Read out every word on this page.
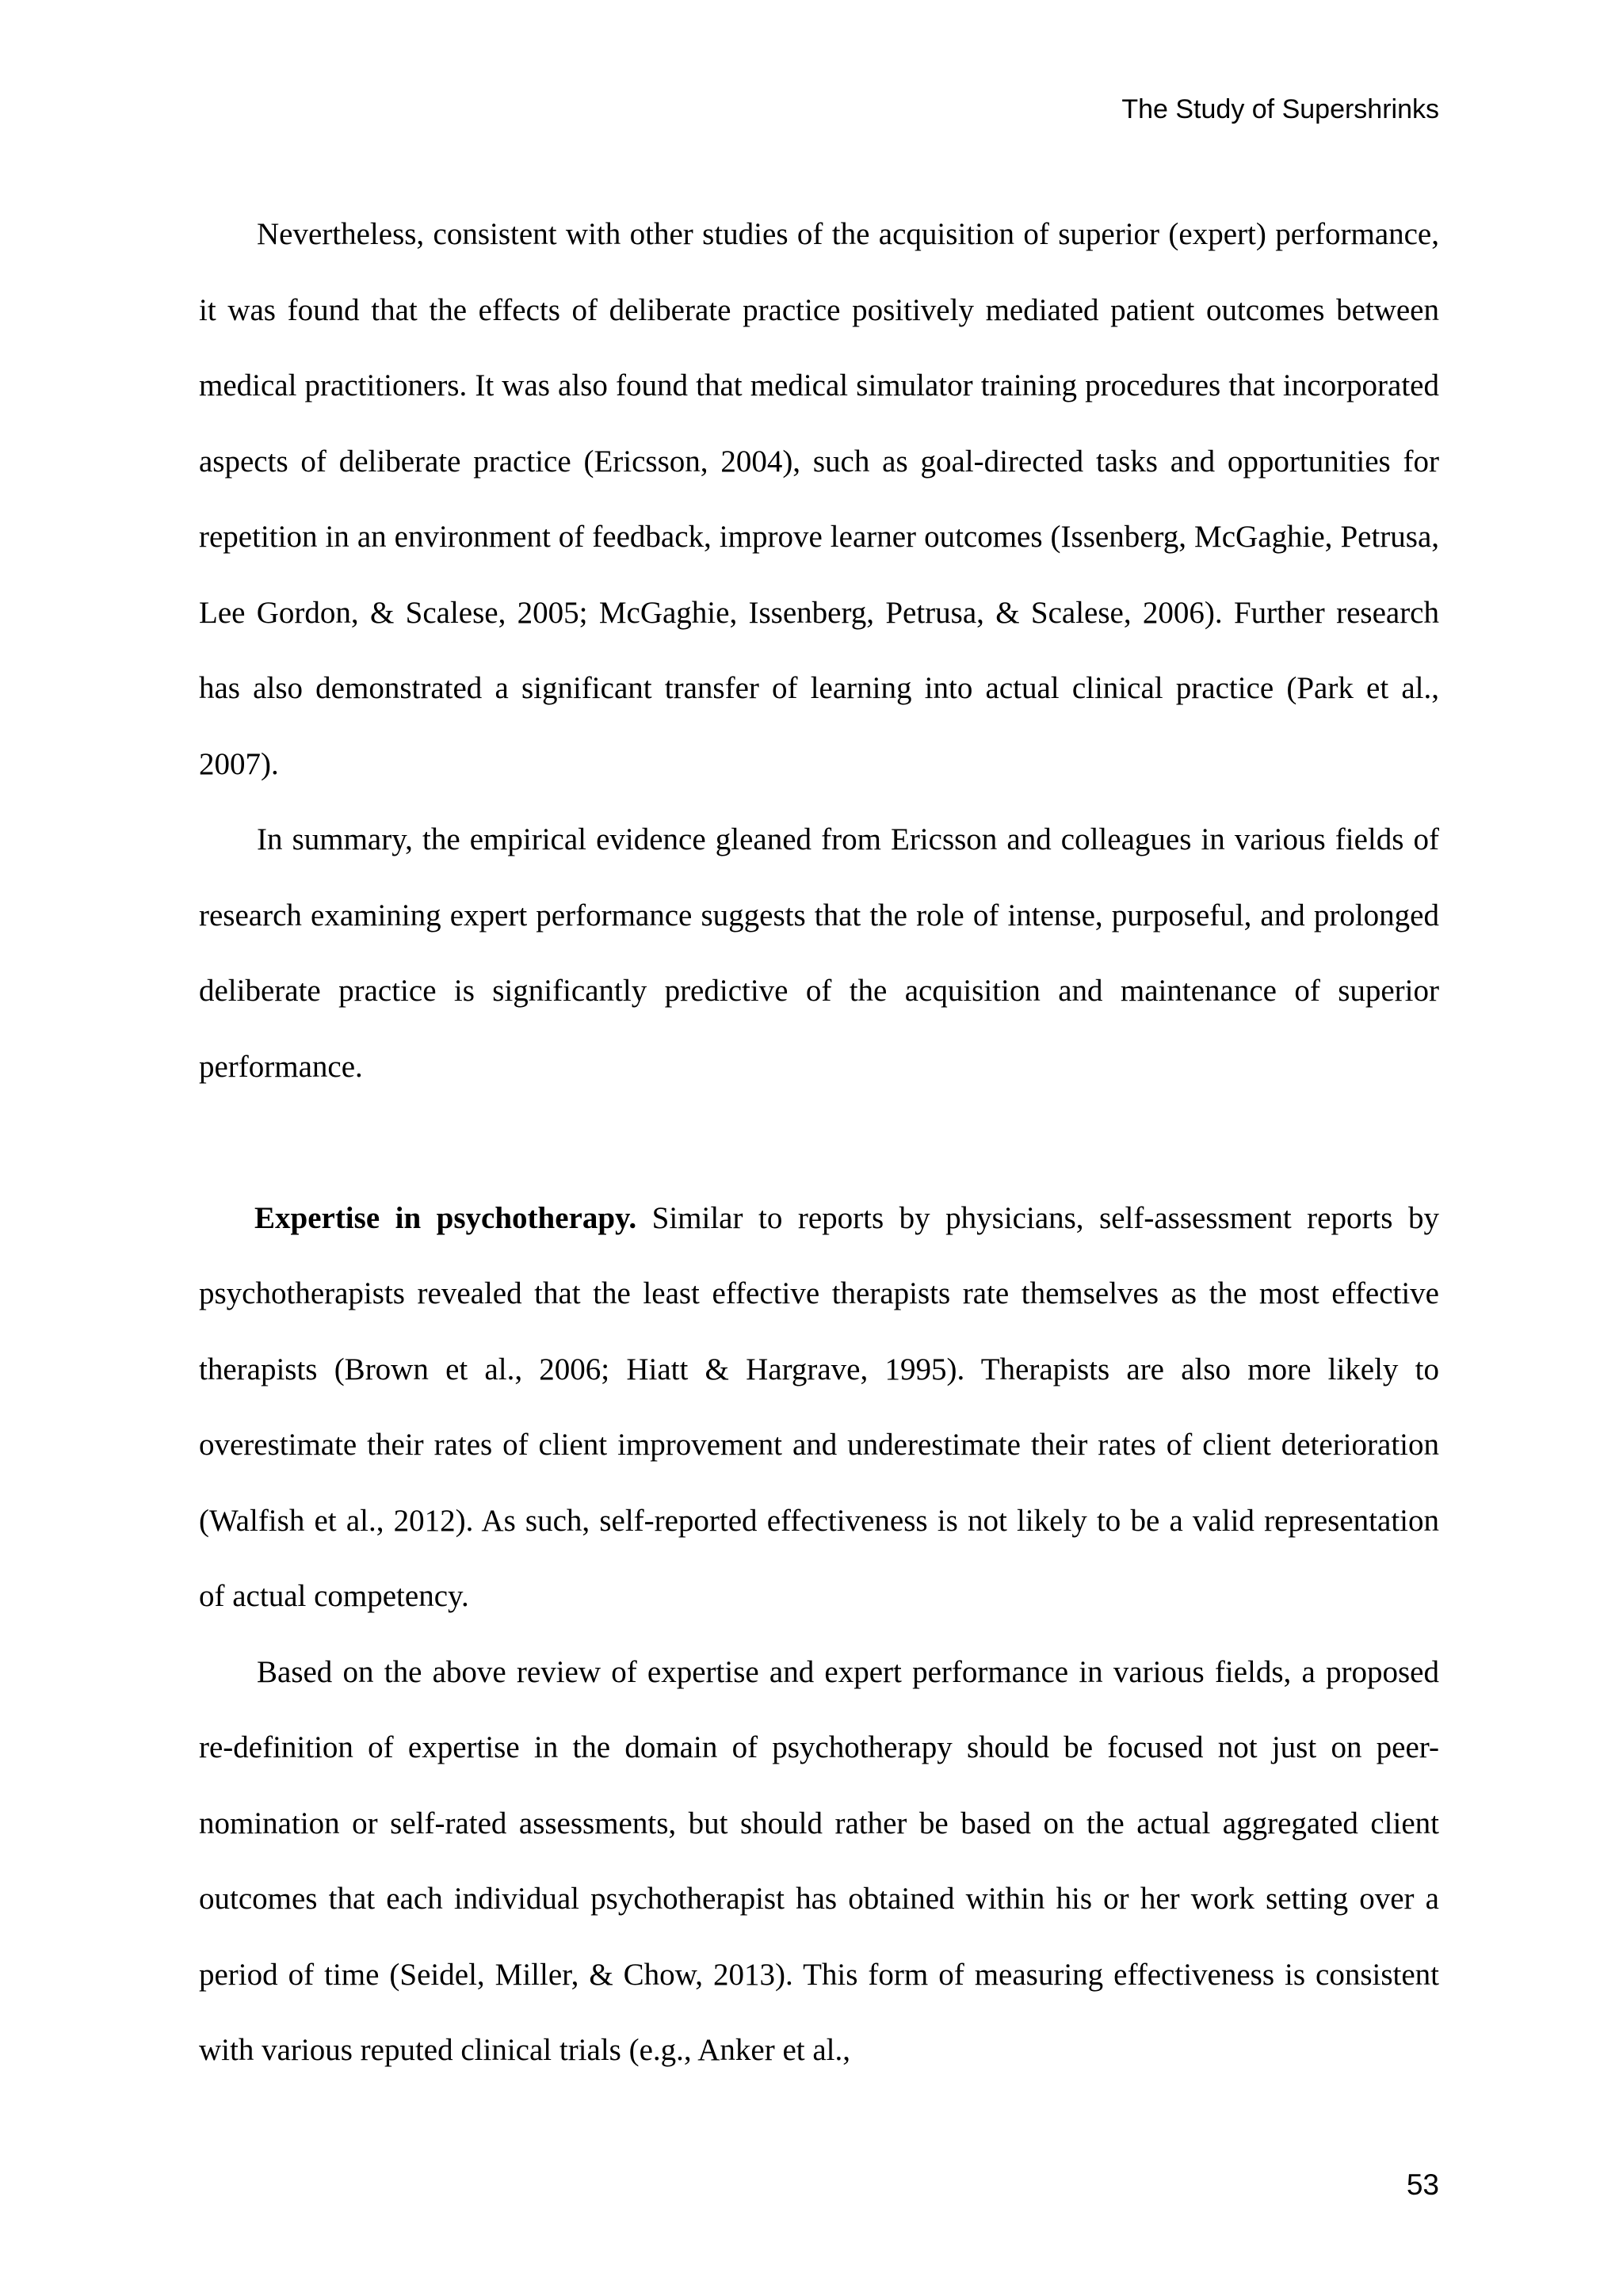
The Study of Supershrinks

Nevertheless, consistent with other studies of the acquisition of superior (expert) performance, it was found that the effects of deliberate practice positively mediated patient outcomes between medical practitioners. It was also found that medical simulator training procedures that incorporated aspects of deliberate practice (Ericsson, 2004), such as goal-directed tasks and opportunities for repetition in an environment of feedback, improve learner outcomes (Issenberg, McGaghie, Petrusa, Lee Gordon, & Scalese, 2005; McGaghie, Issenberg, Petrusa, & Scalese, 2006). Further research has also demonstrated a significant transfer of learning into actual clinical practice (Park et al., 2007).

In summary, the empirical evidence gleaned from Ericsson and colleagues in various fields of research examining expert performance suggests that the role of intense, purposeful, and prolonged deliberate practice is significantly predictive of the acquisition and maintenance of superior performance.

Expertise in psychotherapy. Similar to reports by physicians, self-assessment reports by psychotherapists revealed that the least effective therapists rate themselves as the most effective therapists (Brown et al., 2006; Hiatt & Hargrave, 1995). Therapists are also more likely to overestimate their rates of client improvement and underestimate their rates of client deterioration (Walfish et al., 2012). As such, self-reported effectiveness is not likely to be a valid representation of actual competency.

Based on the above review of expertise and expert performance in various fields, a proposed re-definition of expertise in the domain of psychotherapy should be focused not just on peer-nomination or self-rated assessments, but should rather be based on the actual aggregated client outcomes that each individual psychotherapist has obtained within his or her work setting over a period of time (Seidel, Miller, & Chow, 2013). This form of measuring effectiveness is consistent with various reputed clinical trials (e.g., Anker et al.,

53
